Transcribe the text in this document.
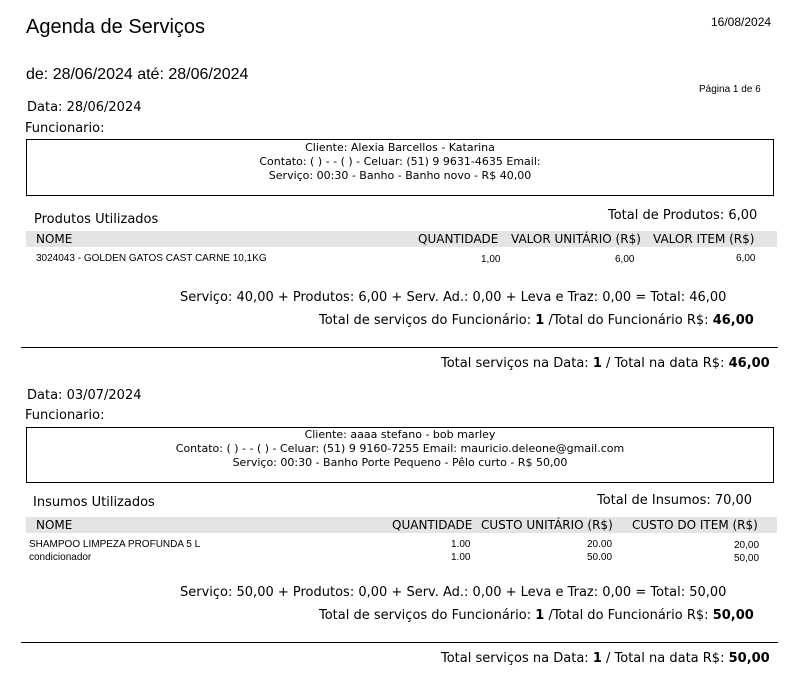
Agenda de Serviços	16/08/2024
de: 28/06/2024 até: 28/06/2024
Página 1 de 6
Data: 28/06/2024
Funcionario:
Cliente: Alexia Barcellos - Katarina
Contato: ( ) - - ( ) - Celuar: (51) 9 9631-4635 Email:
Serviço: 00:30 - Banho - Banho novo - R$ 40,00
Produtos Utilizados	Total de Produtos: 6,00
NOME	QUANTIDADE VALOR UNITÁRIO (R$) VALOR ITEM (R$)
3024043 - GOLDEN GATOS CAST CARNE 10,1KG	1,00	6,00	6,00
Serviço: 40,00 + Produtos: 6,00 + Serv. Ad.: 0,00 + Leva e Traz: 0,00 = Total: 46,00
Total de serviços do Funcionário: 1 /Total do Funcionário R$: 46,00
Total serviços na Data: 1 / Total na data R$: 46,00
Data: 03/07/2024
Funcionario:
Cliente: aaaa stefano - bob marley
Contato: ( ) - - ( ) - Celuar: (51) 9 9160-7255 Email: mauricio.deleone@gmail.com
Serviço: 00:30 - Banho Porte Pequeno - Pêlo curto - R$ 50,00
Insumos Utilizados	Total de Insumos: 70,00
NOME	QUANTIDADE CUSTO UNITÁRIO (R$) CUSTO DO ITEM (R$)
SHAMPOO LIMPEZA PROFUNDA 5 L	1.00	20.00	20,00
condicionador	1.00	50.00	50,00
Serviço: 50,00 + Produtos: 0,00 + Serv. Ad.: 0,00 + Leva e Traz: 0,00 = Total: 50,00
Total de serviços do Funcionário: 1 /Total do Funcionário R$: 50,00
Total serviços na Data: 1 / Total na data R$: 50,00
